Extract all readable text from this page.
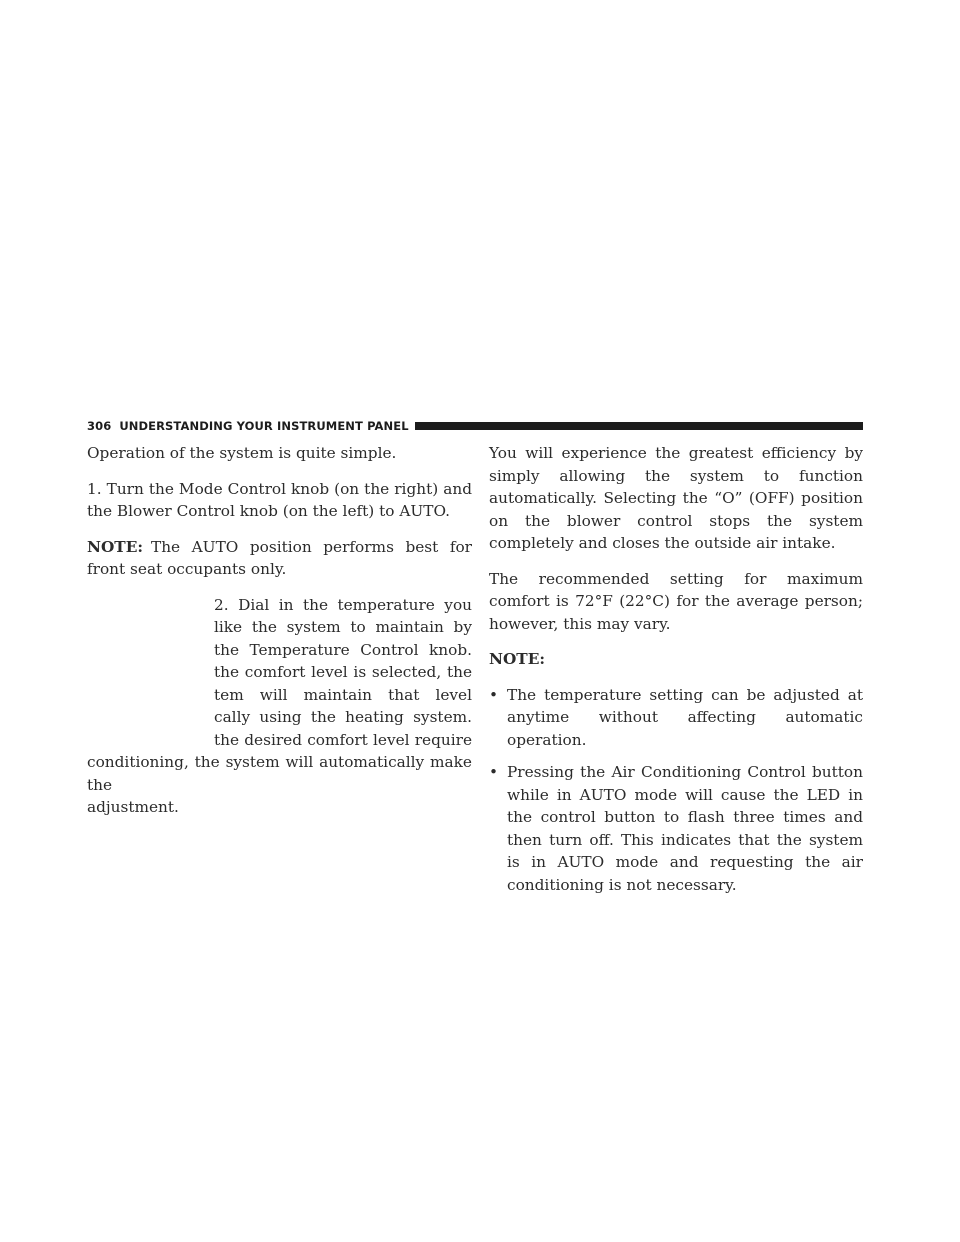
306 UNDERSTANDING YOUR INSTRUMENT PANEL

Operation of the system is quite simple.

1. Turn the Mode Control knob (on the right) and the Blower Control knob (on the left) to AUTO.

NOTE: The AUTO position performs best for front seat occupants only.

2. Dial in the temperature you
like the system to maintain by
the Temperature Control knob.
the comfort level is selected, the
tem will maintain that level
cally using the heating system.
the desired comfort level require
conditioning, the system will automatically make the
adjustment.

You will experience the greatest efficiency by simply allowing the system to function automatically. Selecting the “O” (OFF) position on the blower control stops the system completely and closes the outside air intake.

The recommended setting for maximum comfort is 72°F (22°C) for the average person; however, this may vary.

NOTE:

• The temperature setting can be adjusted at anytime without affecting automatic operation.
• Pressing the Air Conditioning Control button while in AUTO mode will cause the LED in the control button to flash three times and then turn off. This indicates that the system is in AUTO mode and requesting the air conditioning is not necessary.
